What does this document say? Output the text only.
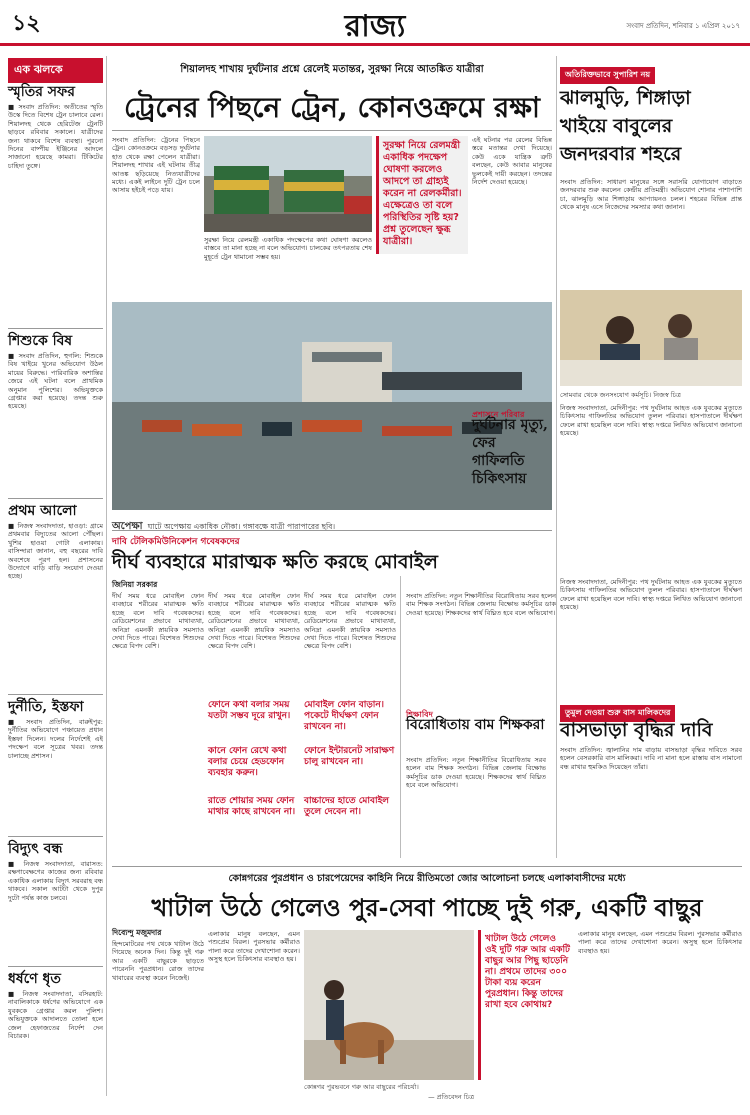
১২	রাজ্য	সংবাদ প্রতিদিন, শনিবার ১ এপ্রিল ২০১৭
এক ঝলকে
স্মৃতির সফর
■ সংবাদ প্রতিদিন: অতীতের স্মৃতি উস্কে দিতে বিশেষ ট্রেন চালাবে রেল। শিয়ালদহ থেকে হেরিটেজ ট্রেনটি ছাড়বে রবিবার সকালে। যাত্রীদের জন্য থাকবে বিশেষ ব্যবস্থা। পুরনো দিনের বাষ্পীয় ইঞ্জিনের আদলে সাজানো হয়েছে কামরা। টিকিটের চাহিদা তুঙ্গে।
শিশুকে বিষ
■ সংবাদ প্রতিদিন, হুগলি: শিশুকে বিষ খাইয়ে খুনের অভিযোগ উঠল মায়ের বিরুদ্ধে। পারিবারিক অশান্তির জেরে এই ঘটনা বলে প্রাথমিক অনুমান পুলিশের। অভিযুক্তকে গ্রেপ্তার করা হয়েছে। তদন্ত শুরু হয়েছে।
প্রথম আলো
■ নিজস্ব সংবাদদাতা, হাওড়া: গ্রামে প্রথমবার বিদ্যুতের আলো পৌঁছল। খুশির হাওয়া গোটা এলাকায়। বাসিন্দারা জানান, বহু বছরের দাবি অবশেষে পূরণ হল। প্রশাসনের উদ্যোগে বাড়ি বাড়ি সংযোগ দেওয়া হচ্ছে।
দুর্নীতি, ইস্তফা
■ সংবাদ প্রতিদিন, বারুইপুর: দুর্নীতির অভিযোগে পঞ্চায়েত প্রধান ইস্তফা দিলেন। দলের নির্দেশেই এই পদক্ষেপ বলে সূত্রের খবর। তদন্ত চালাচ্ছে প্রশাসন।
বিদ্যুৎ বন্ধ
■ নিজস্ব সংবাদদাতা, বারাসত: রক্ষণাবেক্ষণের কাজের জন্য রবিবার একাধিক এলাকায় বিদ্যুৎ সরবরাহ বন্ধ থাকবে। সকাল আটটা থেকে দুপুর দুটো পর্যন্ত কাজ চলবে।
ধর্ষণে ধৃত
■ নিজস্ব সংবাদদাতা, বসিরহাট: নাবালিকাকে ধর্ষণের অভিযোগে এক যুবককে গ্রেপ্তার করল পুলিশ। অভিযুক্তকে আদালতে তোলা হলে জেল হেফাজতের নির্দেশ দেন বিচারক।
শিয়ালদহ শাখায় দুর্ঘটনার প্রশ্নে রেলেই মতান্তর, সুরক্ষা নিয়ে আতঙ্কিত যাত্রীরা
ট্রেনের পিছনে ট্রেন, কোনওক্রমে রক্ষা
সংবাদ প্রতিদিন: ট্রেনের পিছনে ট্রেন। কোনওক্রমে বড়সড় দুর্ঘটনার হাত থেকে রক্ষা পেলেন যাত্রীরা। শিয়ালদহ শাখার এই ঘটনায় তীব্র আতঙ্ক ছড়িয়েছে নিত্যযাত্রীদের মধ্যে। একই লাইনে দুটি ট্রেন চলে আসায় হইচই পড়ে যায়।
সুরক্ষা নিয়ে রেলমন্ত্রী একাধিক পদক্ষেপ ঘোষণা করলেও আদপে তা গ্রাহ্যই করেন না রেলকর্মীরা। এক্ষেত্রেও তা বলে পরিস্থিতির সৃষ্টি হয়? প্রশ্ন তুলেছেন ক্ষুব্ধ যাত্রীরা।
এই ঘটনার পর রেলের বিভিন্ন স্তরে মতান্তর দেখা দিয়েছে। কেউ একে যান্ত্রিক ত্রুটি বলছেন, কেউ আবার মানুষের ভুলকেই দায়ী করছেন। তদন্তের নির্দেশ দেওয়া হয়েছে।
সুরক্ষা নিয়ে রেলমন্ত্রী একাধিক পদক্ষেপের কথা ঘোষণা করলেও বাস্তবে তা মানা হচ্ছে না বলে অভিযোগ। চালকের তৎপরতায় শেষ মুহূর্তে ট্রেন থামানো সম্ভব হয়।
অপেক্ষা ঘাটে অপেক্ষায় একাধিক নৌকা। গঙ্গাবক্ষে যাত্রী পারাপারের ছবি।
অতিরিক্তভাবে সুপারিশ নয়
ঝালমুড়ি, শিঙ্গাড়া খাইয়ে বাবুলের জনদরবার শহরে
সংবাদ প্রতিদিন: সাধারণ মানুষের সঙ্গে সরাসরি যোগাযোগ বাড়াতে জনদরবার শুরু করলেন কেন্দ্রীয় প্রতিমন্ত্রী। অভিযোগ শোনার পাশাপাশি চা, ঝালমুড়ি আর শিঙ্গাড়ায় আপ্যায়নও চলল। শহরের বিভিন্ন প্রান্ত থেকে মানুষ এসে নিজেদের সমস্যার কথা জানান।
সোমবার থেকে জনসংযোগ কর্মসূচি। নিজস্ব চিত্র
প্রশাসনে পরিবার
দুর্ঘটনার মৃত্যু, ফের গাফিলতি চিকিৎসায়
নিজস্ব সংবাদদাতা, মেদিনীপুর: পথ দুর্ঘটনায় আহত এক যুবকের মৃত্যুতে চিকিৎসায় গাফিলতির অভিযোগ তুলল পরিবার। হাসপাতালে দীর্ঘক্ষণ ফেলে রাখা হয়েছিল বলে দাবি। স্বাস্থ্য দপ্তরে লিখিত অভিযোগ জানানো হয়েছে।
দাবি টেলিকমিউনিকেশন গবেষকদের
দীর্ঘ ব্যবহারে মারাত্মক ক্ষতি করছে মোবাইল
জিনিয়া সরকার
দীর্ঘ সময় ধরে মোবাইল ফোন ব্যবহারে শরীরের মারাত্মক ক্ষতি হচ্ছে বলে দাবি গবেষকদের। রেডিয়েশনের প্রভাবে মাথাব্যথা, অনিদ্রা এমনকী স্নায়বিক সমস্যাও দেখা দিতে পারে। বিশেষত শিশুদের ক্ষেত্রে বিপদ বেশি।
দীর্ঘ সময় ধরে মোবাইল ফোন ব্যবহারে শরীরের মারাত্মক ক্ষতি হচ্ছে বলে দাবি গবেষকদের। রেডিয়েশনের প্রভাবে মাথাব্যথা, অনিদ্রা এমনকী স্নায়বিক সমস্যাও দেখা দিতে পারে। বিশেষত শিশুদের ক্ষেত্রে বিপদ বেশি।
ফোনে কথা বলার সময় যতটা সম্ভব দূরে রাখুন।
মোবাইল ফোন বাড়ান। পকেটে দীর্ঘক্ষণ ফোন রাখবেন না।
কানে ফোন রেখে কথা বলার চেয়ে হেডফোন ব্যবহার করুন।
ফোনে ইন্টারনেট সারাক্ষণ চালু রাখবেন না।
রাতে শোয়ার সময় ফোন মাথার কাছে রাখবেন না।
বাচ্চাদের হাতে মোবাইল তুলে দেবেন না।
দীর্ঘ সময় ধরে মোবাইল ফোন ব্যবহারে শরীরের মারাত্মক ক্ষতি হচ্ছে বলে দাবি গবেষকদের। রেডিয়েশনের প্রভাবে মাথাব্যথা, অনিদ্রা এমনকী স্নায়বিক সমস্যাও দেখা দিতে পারে। বিশেষত শিশুদের ক্ষেত্রে বিপদ বেশি।
সংবাদ প্রতিদিন: নতুন শিক্ষানীতির বিরোধিতায় সরব হলেন বাম শিক্ষক সংগঠন। বিভিন্ন জেলায় বিক্ষোভ কর্মসূচির ডাক দেওয়া হয়েছে। শিক্ষকদের স্বার্থ বিঘ্নিত হবে বলে অভিযোগ।
শিক্ষাবিদ
বিরোধিতায় বাম শিক্ষকরা
সংবাদ প্রতিদিন: নতুন শিক্ষানীতির বিরোধিতায় সরব হলেন বাম শিক্ষক সংগঠন। বিভিন্ন জেলায় বিক্ষোভ কর্মসূচির ডাক দেওয়া হয়েছে। শিক্ষকদের স্বার্থ বিঘ্নিত হবে বলে অভিযোগ।
নিজস্ব সংবাদদাতা, মেদিনীপুর: পথ দুর্ঘটনায় আহত এক যুবকের মৃত্যুতে চিকিৎসায় গাফিলতির অভিযোগ তুলল পরিবার। হাসপাতালে দীর্ঘক্ষণ ফেলে রাখা হয়েছিল বলে দাবি। স্বাস্থ্য দপ্তরে লিখিত অভিযোগ জানানো হয়েছে।
তুমুল দেওয়া শুরু বাস মালিকদের
বাসভাড়া বৃদ্ধির দাবি
সংবাদ প্রতিদিন: জ্বালানির দাম বাড়ায় বাসভাড়া বৃদ্ধির দাবিতে সরব হলেন বেসরকারি বাস মালিকরা। দাবি না মানা হলে রাস্তায় বাস নামানো বন্ধ রাখার হুমকিও দিয়েছেন তাঁরা।
কোন্নগরের পুরপ্রধান ও চারপেয়েদের কাহিনি নিয়ে রীতিমতো জোর আলোচনা চলছে এলাকাবাসীদের মধ্যে
খাটাল উঠে গেলেও পুর-সেবা পাচ্ছে দুই গরু, একটি বাছুর
দিব্যেন্দু মজুমদার
হিন্দমোটরের পথ থেকে খাটাল উঠে গিয়েছে অনেক দিন। কিন্তু দুই গরু আর একটি বাছুরকে ছাড়তে পারেননি পুরপ্রধান। রোজ তাদের খাবারের ব্যবস্থা করেন নিজেই।
এলাকার মানুষ বলছেন, এমন পশুপ্রেম বিরল। পুরসভার কর্মীরাও পালা করে তাদের দেখাশোনা করেন। অসুস্থ হলে চিকিৎসার ব্যবস্থাও হয়।
কোন্নগর পুরভবনে গরু আর বাছুরের পরিচর্যা।
— প্রতিবেদন চিত্র
খাটাল উঠে গেলেও ওই দুটি গরু আর একটি বাছুর আর পিছু ছাড়েনি না। প্রথমে তাদের ৩০০ টাকা ব্যয় করেন পুরপ্রধান। কিন্তু তাদের রাখা হবে কোথায়?
এলাকার মানুষ বলছেন, এমন পশুপ্রেম বিরল। পুরসভার কর্মীরাও পালা করে তাদের দেখাশোনা করেন। অসুস্থ হলে চিকিৎসার ব্যবস্থাও হয়।
